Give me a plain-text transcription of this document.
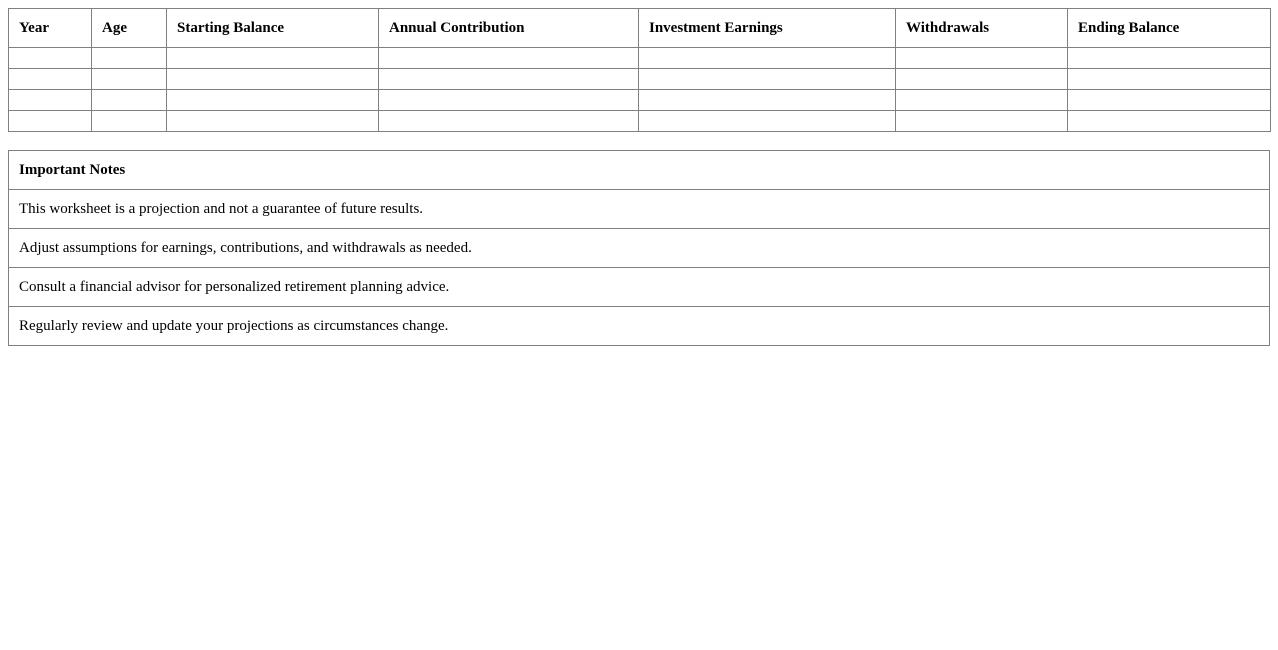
Year	Age	Starting Balance	Annual Contribution	Investment Earnings	Withdrawals	Ending Balance

Important Notes
This worksheet is a projection and not a guarantee of future results.
Adjust assumptions for earnings, contributions, and withdrawals as needed.
Consult a financial advisor for personalized retirement planning advice.
Regularly review and update your projections as circumstances change.
